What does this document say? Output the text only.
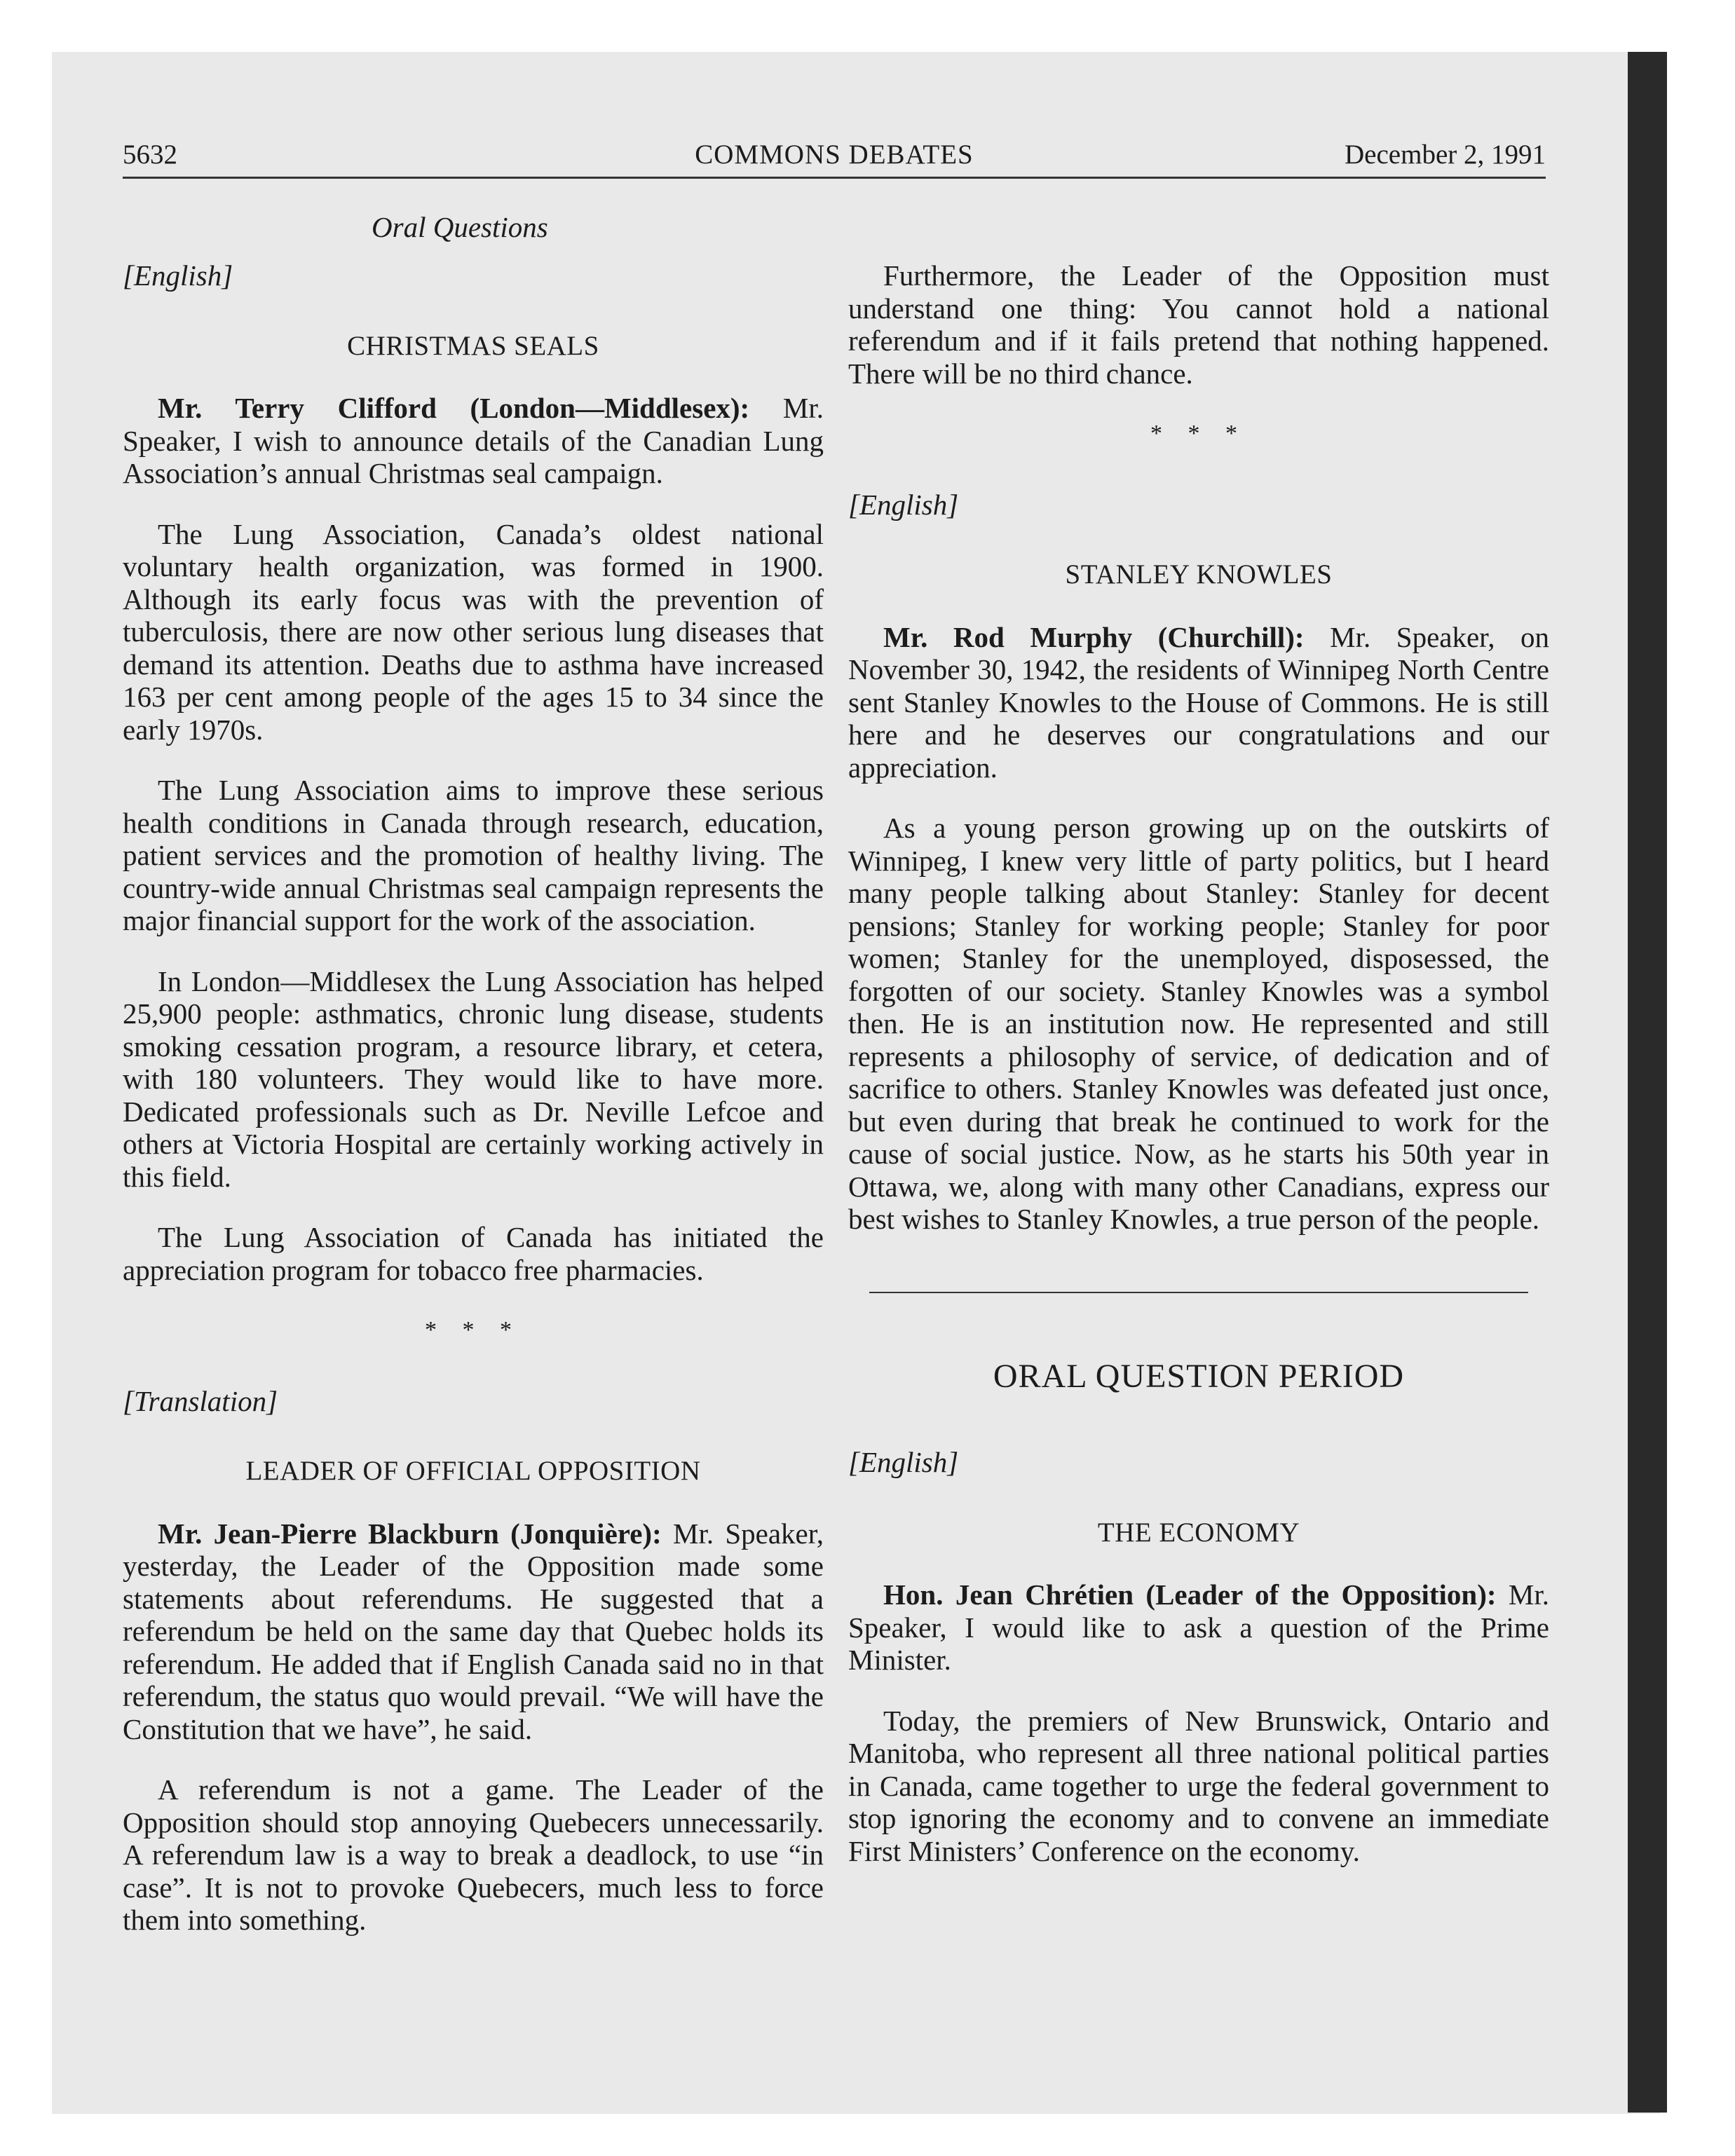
5632	COMMONS DEBATES	December 2, 1991
Oral Questions

[English]

CHRISTMAS SEALS

Mr. Terry Clifford (London—Middlesex): Mr. Speaker, I wish to announce details of the Canadian Lung Association’s annual Christmas seal campaign.

The Lung Association, Canada’s oldest national voluntary health organization, was formed in 1900. Although its early focus was with the prevention of tuberculosis, there are now other serious lung diseases that demand its attention. Deaths due to asthma have increased 163 per cent among people of the ages 15 to 34 since the early 1970s.

The Lung Association aims to improve these serious health conditions in Canada through research, education, patient services and the promotion of healthy living. The country-wide annual Christmas seal campaign represents the major financial support for the work of the association.

In London—Middlesex the Lung Association has helped 25,900 people: asthmatics, chronic lung disease, students smoking cessation program, a resource library, et cetera, with 180 volunteers. They would like to have more. Dedicated professionals such as Dr. Neville Lefcoe and others at Victoria Hospital are certainly working actively in this field.

The Lung Association of Canada has initiated the appreciation program for tobacco free pharmacies.

* * *

[Translation]

LEADER OF OFFICIAL OPPOSITION

Mr. Jean-Pierre Blackburn (Jonquière): Mr. Speaker, yesterday, the Leader of the Opposition made some statements about referendums. He suggested that a referendum be held on the same day that Quebec holds its referendum. He added that if English Canada said no in that referendum, the status quo would prevail. “We will have the Constitution that we have”, he said.

A referendum is not a game. The Leader of the Opposition should stop annoying Quebecers unnecessarily. A referendum law is a way to break a deadlock, to use “in case”. It is not to provoke Quebecers, much less to force them into something.

Furthermore, the Leader of the Opposition must understand one thing: You cannot hold a national referendum and if it fails pretend that nothing happened. There will be no third chance.

* * *

[English]

STANLEY KNOWLES

Mr. Rod Murphy (Churchill): Mr. Speaker, on November 30, 1942, the residents of Winnipeg North Centre sent Stanley Knowles to the House of Commons. He is still here and he deserves our congratulations and our appreciation.

As a young person growing up on the outskirts of Winnipeg, I knew very little of party politics, but I heard many people talking about Stanley: Stanley for decent pensions; Stanley for working people; Stanley for poor women; Stanley for the unemployed, disposessed, the forgotten of our society. Stanley Knowles was a symbol then. He is an institution now. He represented and still represents a philosophy of service, of dedication and of sacrifice to others. Stanley Knowles was defeated just once, but even during that break he continued to work for the cause of social justice. Now, as he starts his 50th year in Ottawa, we, along with many other Canadians, express our best wishes to Stanley Knowles, a true person of the people.

ORAL QUESTION PERIOD

[English]

THE ECONOMY

Hon. Jean Chrétien (Leader of the Opposition): Mr. Speaker, I would like to ask a question of the Prime Minister.

Today, the premiers of New Brunswick, Ontario and Manitoba, who represent all three national political parties in Canada, came together to urge the federal government to stop ignoring the economy and to convene an immediate First Ministers’ Conference on the economy.
